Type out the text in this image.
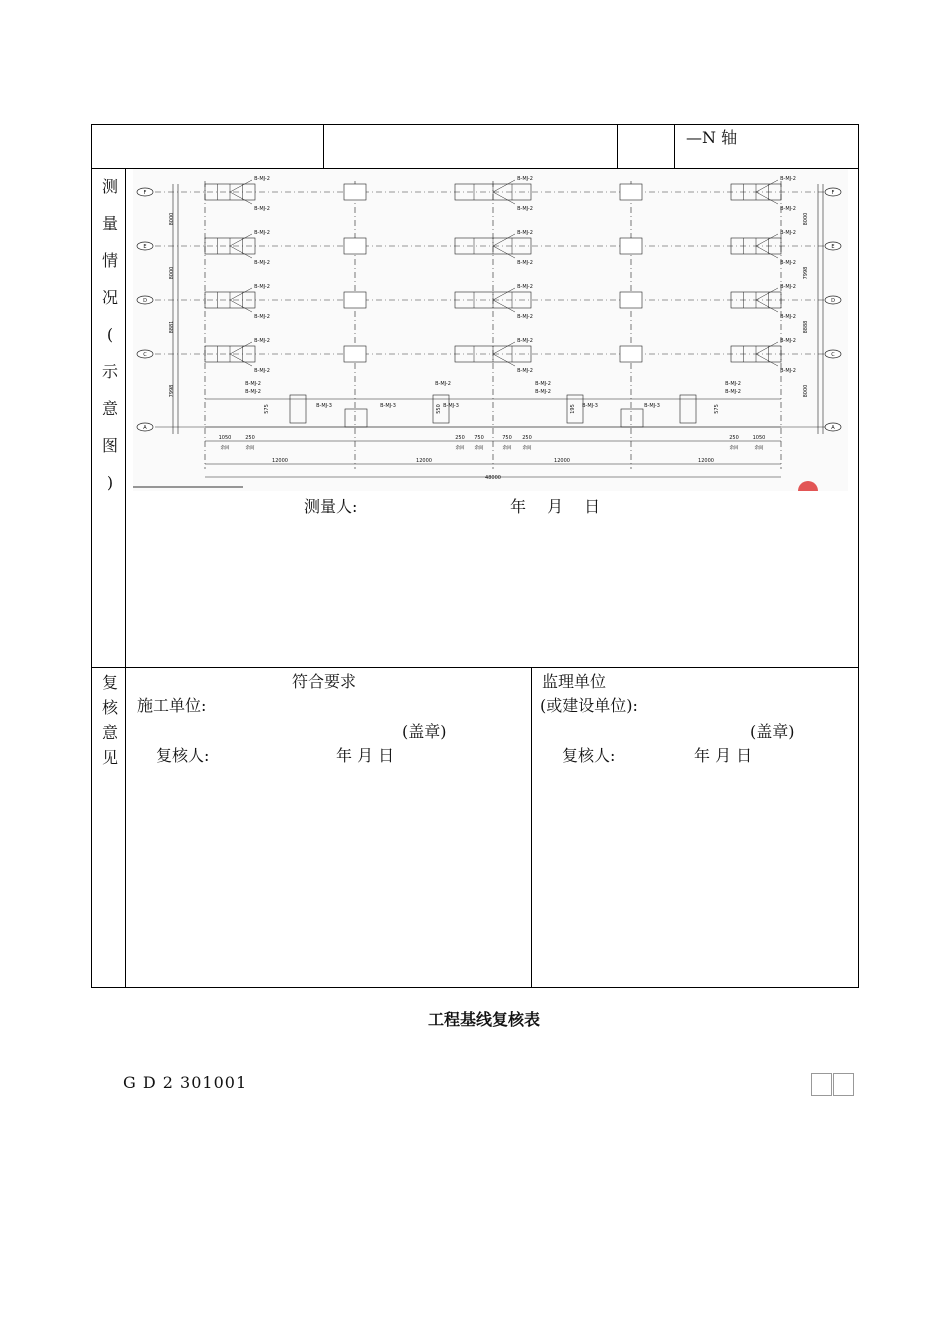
—N 轴
测
量
情
况
(
示
意
图
)
F	F
E	E
D	D
C	C
A	A
8000	8000
8000	7998
8881	8888
7998	8000
B-MJ-2
B-MJ-2
B-MJ-2
B-MJ-2
B-MJ-2
B-MJ-2
B-MJ-2
B-MJ-2
B-MJ-2
B-MJ-2
B-MJ-2
B-MJ-2
B-MJ-2
B-MJ-2
B-MJ-2
B-MJ-2
B-MJ-2
B-MJ-2
B-MJ-2
B-MJ-2
B-MJ-2
B-MJ-2
B-MJ-2
B-MJ-2
B-MJ-3	B-MJ-3	B-MJ-3	B-MJ-3	B-MJ-3
B-MJ-2
B-MJ-2
B-MJ-2	B-MJ-2
B-MJ-2
B-MJ-2
B-MJ-2
575	550	195	575
1050	250	250 750	750 250	250	1050
余回	余间	余回 余间	余回 余间	余回	余间
12000	12000	12000	12000
48000
测量人:	年　 月　 日
复
核
意
见
符合要求
施工单位:
(盖章)
复核人:	年 月 日
监理单位
(或建设单位):
(盖章)
复核人:	年 月 日
工程基线复核表
G D 2 301001
